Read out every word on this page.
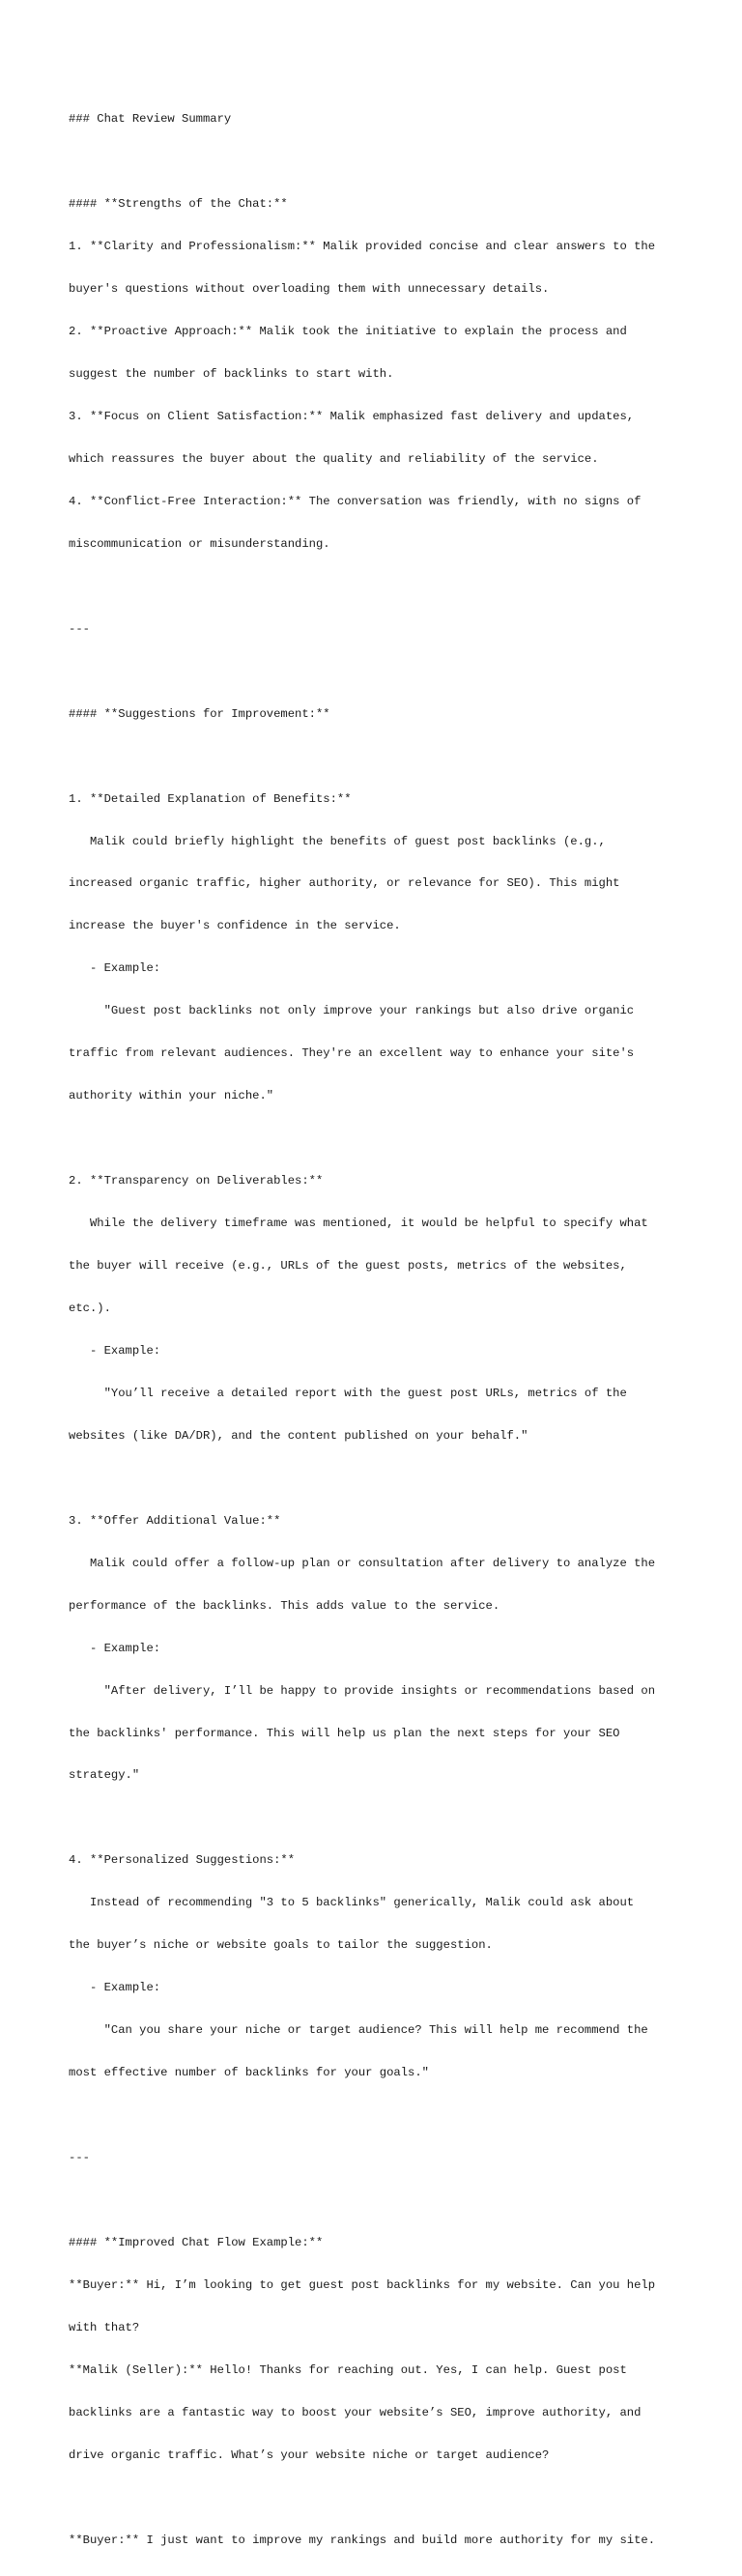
### Chat Review Summary

#### **Strengths of the Chat:**

1. **Clarity and Professionalism:** Malik provided concise and clear answers to the

buyer's questions without overloading them with unnecessary details.

2. **Proactive Approach:** Malik took the initiative to explain the process and

suggest the number of backlinks to start with.

3. **Focus on Client Satisfaction:** Malik emphasized fast delivery and updates,

which reassures the buyer about the quality and reliability of the service.

4. **Conflict-Free Interaction:** The conversation was friendly, with no signs of

miscommunication or misunderstanding.

---

#### **Suggestions for Improvement:**

1. **Detailed Explanation of Benefits:**

Malik could briefly highlight the benefits of guest post backlinks (e.g.,

increased organic traffic, higher authority, or relevance for SEO). This might

increase the buyer's confidence in the service.

- Example:

"Guest post backlinks not only improve your rankings but also drive organic

traffic from relevant audiences. They're an excellent way to enhance your site's

authority within your niche."

2. **Transparency on Deliverables:**

While the delivery timeframe was mentioned, it would be helpful to specify what

the buyer will receive (e.g., URLs of the guest posts, metrics of the websites,

etc.).

- Example:

"You’ll receive a detailed report with the guest post URLs, metrics of the

websites (like DA/DR), and the content published on your behalf."

3. **Offer Additional Value:**

Malik could offer a follow-up plan or consultation after delivery to analyze the

performance of the backlinks. This adds value to the service.

- Example:

"After delivery, I’ll be happy to provide insights or recommendations based on

the backlinks' performance. This will help us plan the next steps for your SEO

strategy."

4. **Personalized Suggestions:**

Instead of recommending "3 to 5 backlinks" generically, Malik could ask about

the buyer’s niche or website goals to tailor the suggestion.

- Example:

"Can you share your niche or target audience? This will help me recommend the

most effective number of backlinks for your goals."

---

#### **Improved Chat Flow Example:**

**Buyer:** Hi, I’m looking to get guest post backlinks for my website. Can you help

with that?

**Malik (Seller):** Hello! Thanks for reaching out. Yes, I can help. Guest post

backlinks are a fantastic way to boost your website’s SEO, improve authority, and

drive organic traffic. What’s your website niche or target audience?

**Buyer:** I just want to improve my rankings and build more authority for my site.
